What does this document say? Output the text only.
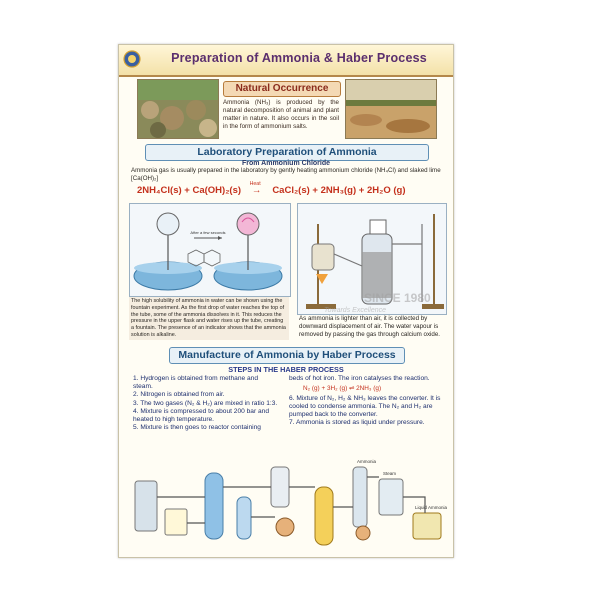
Preparation of Ammonia & Haber Process
Natural Occurrence
Ammonia (NH₃) is produced by the natural decomposition of animal and plant matter in nature. It also occurs in the soil in the form of ammonium salts.
Laboratory Preparation of Ammonia
From Ammonium Chloride
Ammonia gas is usually prepared in the laboratory by gently heating ammonium chloride (NH₄Cl) and slaked lime [Ca(OH)₂]
2NH₄Cl(s) + Ca(OH)₂(s)
Heat
→ CaCl₂(s) + 2NH₃(g) + 2H₂O (g)
After a few seconds
The high solubility of ammonia in water can be shown using the fountain experiment. As the first drop of water reaches the top of the tube, some of the ammonia dissolves in it. This reduces the pressure in the upper flask and water rises up the tube, creating a fountain. The presence of an indicator shows that the ammonia solution is alkaline.
As ammonia is lighter than air, it is collected by downward displacement of air. The water vapour is removed by passing the gas through calcium oxide.
SINCE 1980
Towards Excellence
Manufacture of Ammonia by Haber Process
STEPS IN THE HABER PROCESS
1. Hydrogen is obtained from methane and steam.
2. Nitrogen is obtained from air.
3. The two gases (N₂ & H₂) are mixed in ratio 1:3.
4. Mixture is compressed to about 200 bar and heated to high temperature.
5. Mixture is then goes to reactor containing
beds of hot iron. The iron catalyses the reaction.
N₂ (g) + 3H₂ (g) ⇌ 2NH₃ (g)
6. Mixture of N₂, H₂ & NH₃ leaves the converter. It is cooled to condense ammonia. The N₂ and H₂ are pumped back to the converter.
7. Ammonia is stored as liquid under pressure.
Steam
Liquid Ammonia
Ammonia
